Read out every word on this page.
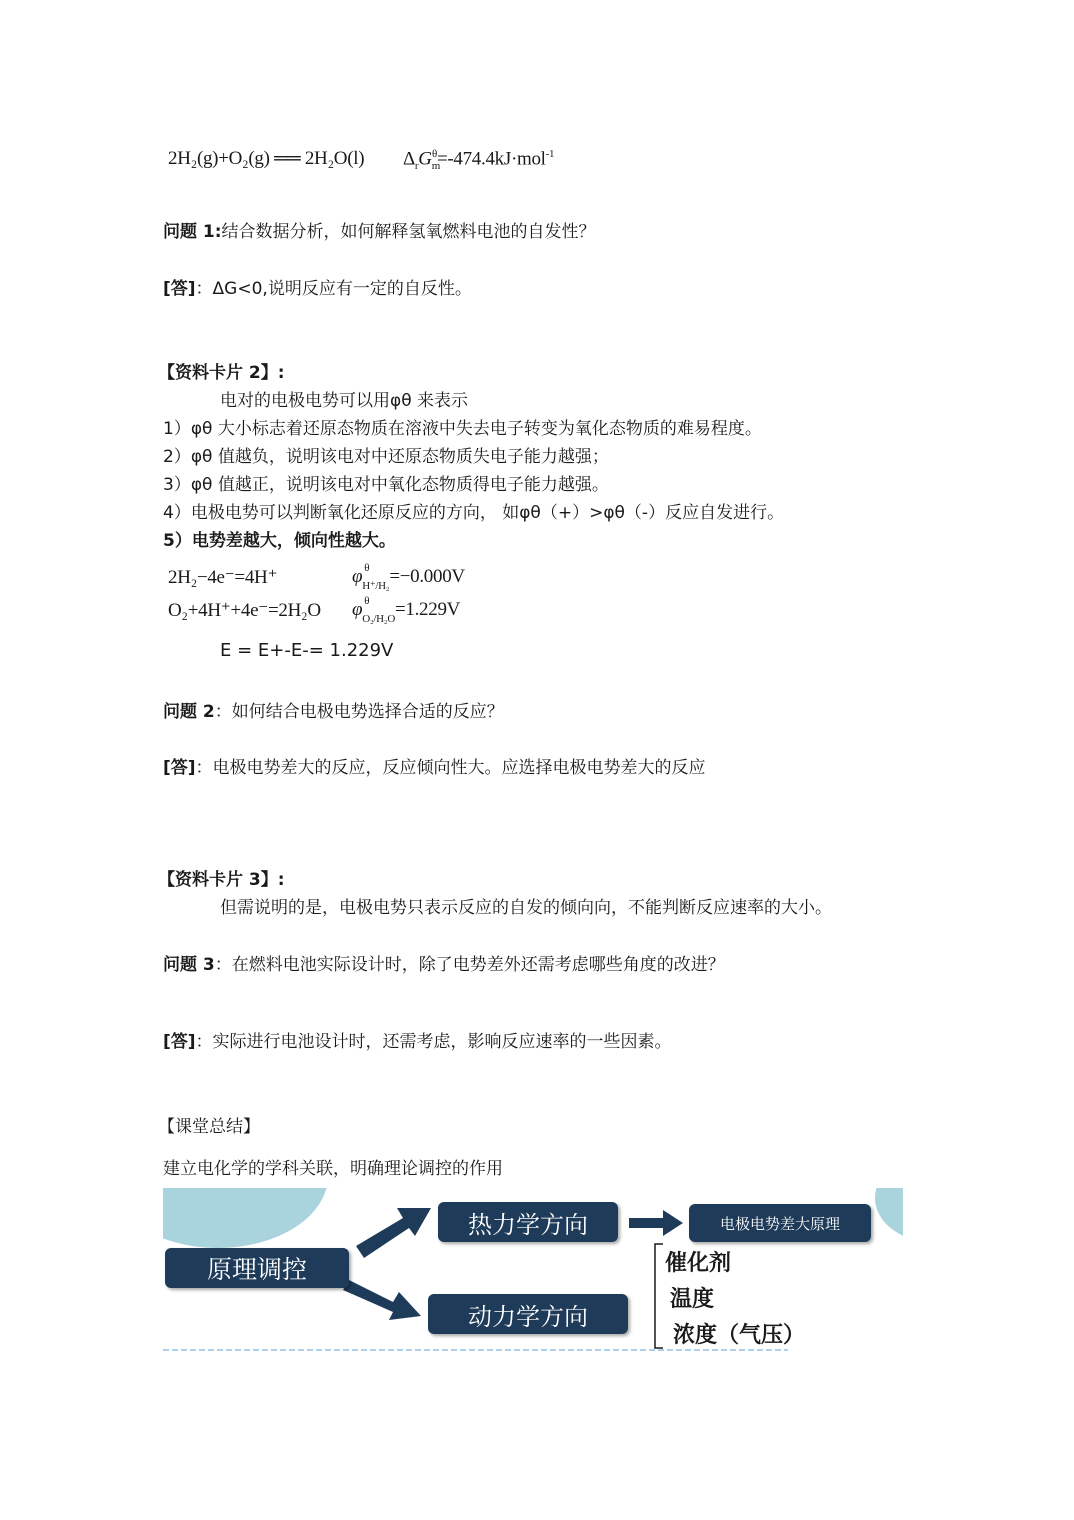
2H₂(g)+O₂(g) ══ 2H₂O(l) $\Delta_rG_m^\theta=-474.4kJ\cdot mol^{-1}$
问题 1:结合数据分析，如何解释氢氧燃料电池的自发性？
[答]：ΔG<0,说明反应有一定的自反性。
【资料卡片 2】:
电对的电极电势可以用φθ 来表示
1）φθ 大小标志着还原态物质在溶液中失去电子转变为氧化态物质的难易程度。
2）φθ 值越负，说明该电对中还原态物质失电子能力越强；
3）φθ 值越正，说明该电对中氧化态物质得电子能力越强。
4）电极电势可以判断氧化还原反应的方向， 如φθ（+）>φθ（-）反应自发进行。
5）电势差越大，倾向性越大。
2H₂−4e⁻=4H⁺	φ $_{\theta H^+/H_2}$=−0.000V
O₂+4H⁺+4e⁻=2H₂O φ $_{\theta O_2/H_2O}$=1.229V
E = E+-E-= 1.229V
问题 2：如何结合电极电势选择合适的反应？
[答]：电极电势差大的反应，反应倾向性大。应选择电极电势差大的反应
【资料卡片 3】:
但需说明的是，电极电势只表示反应的自发的倾向向，不能判断反应速率的大小。
问题 3：在燃料电池实际设计时，除了电势差外还需考虑哪些角度的改进？
[答]：实际进行电池设计时，还需考虑，影响反应速率的一些因素。
【课堂总结】
建立电化学的学科关联，明确理论调控的作用
原理调控
热力学方向
动力学方向
电极电势差大原理
催化剂
温度
浓度（气压）
